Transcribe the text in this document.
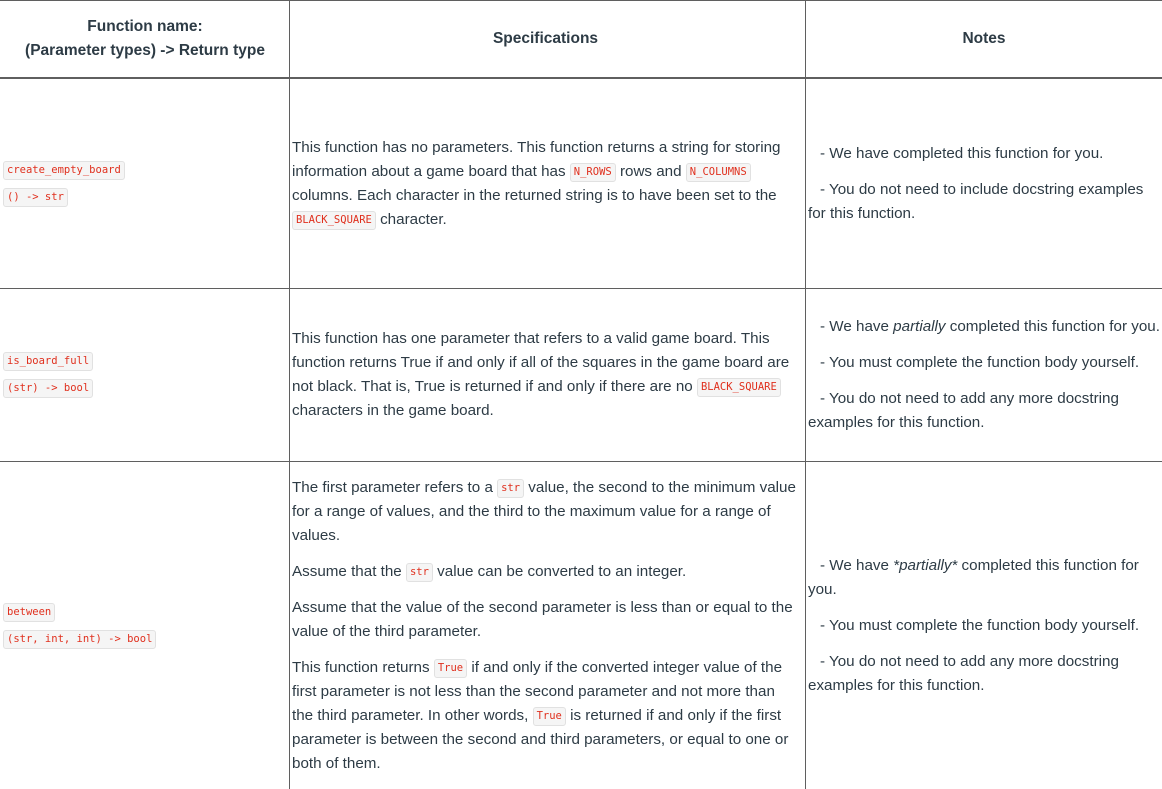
Function name:
(Parameter types) -> Return type
Specifications	Notes
create_empty_board
() -> str
This function has no parameters. This function returns a string for storing information about a game board that has N_ROWS rows and N_COLUMNS columns. Each character in the returned string is to have been set to the BLACK_SQUARE character.
- We have completed this function for you.
- You do not need to include docstring examples for this function.
is_board_full
(str) -> bool
This function has one parameter that refers to a valid game board. This function returns True if and only if all of the squares in the game board are not black. That is, True is returned if and only if there are no BLACK_SQUARE characters in the game board.
- We have partially completed this function for you.
- You must complete the function body yourself.
- You do not need to add any more docstring examples for this function.
between
(str, int, int) -> bool
The first parameter refers to a str value, the second to the minimum value for a range of values, and the third to the maximum value for a range of values.
Assume that the str value can be converted to an integer.
Assume that the value of the second parameter is less than or equal to the value of the third parameter.
This function returns True if and only if the converted integer value of the first parameter is not less than the second parameter and not more than the third parameter. In other words, True is returned if and only if the first parameter is between the second and third parameters, or equal to one or both of them.
- We have *partially* completed this function for you.
- You must complete the function body yourself.
- You do not need to add any more docstring examples for this function.
